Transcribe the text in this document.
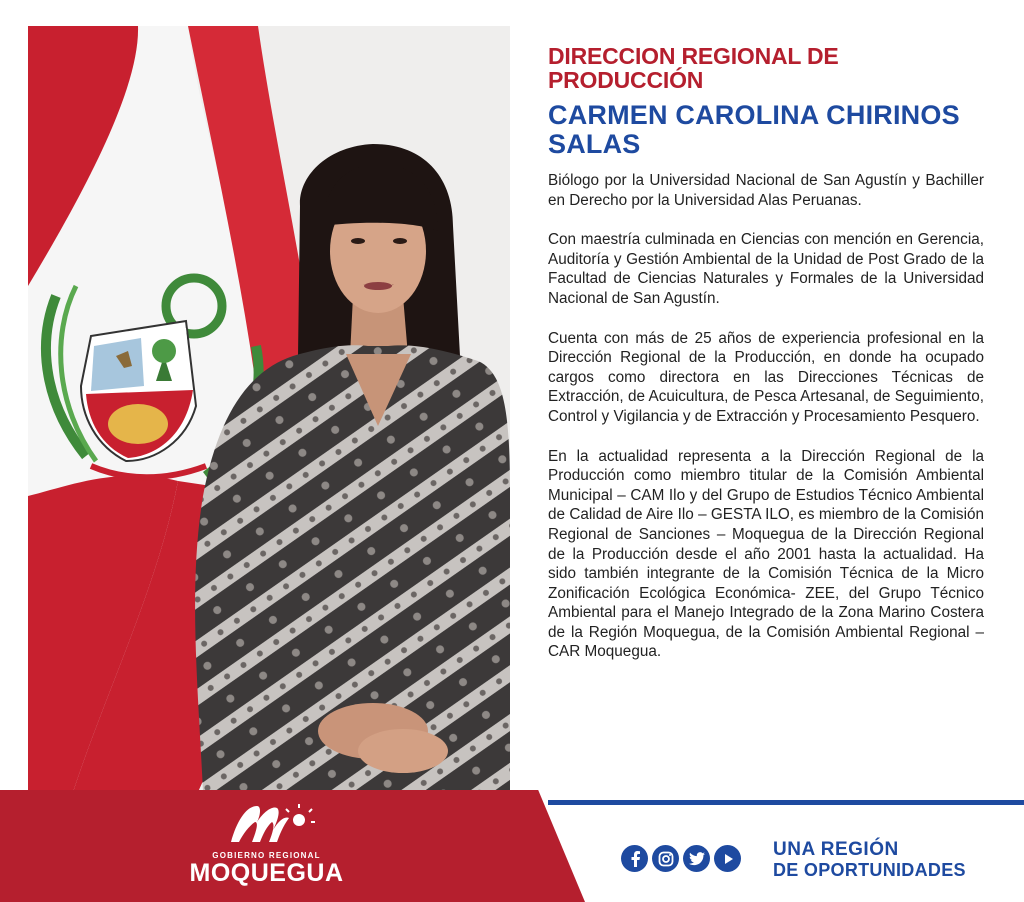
DIRECCION REGIONAL DE PRODUCCIÓN
CARMEN CAROLINA CHIRINOS SALAS

Biólogo por la Universidad Nacional de San Agustín y Bachiller en Derecho por la Universidad Alas Peruanas.

Con maestría culminada en Ciencias con mención en Gerencia, Auditoría y Gestión Ambiental de la Unidad de Post Grado de la Facultad de Ciencias Naturales y Formales de la Universidad Nacional de San Agustín.

Cuenta con más de 25 años de experiencia profesional en la Dirección Regional de la Producción, en donde ha ocupado cargos como directora en las Direcciones Técnicas de Extracción, de Acuicultura, de Pesca Artesanal, de Seguimiento, Control y Vigilancia y de Extracción y Procesamiento Pesquero.

En la actualidad representa a la Dirección Regional de la Producción como miembro titular de la Comisión Ambiental Municipal – CAM Ilo y del Grupo de Estudios Técnico Ambiental de Calidad de Aire Ilo – GESTA ILO, es miembro de la Comisión Regional de Sanciones – Moquegua de la Dirección Regional de la Producción desde el año 2001 hasta la actualidad. Ha sido también integrante de la Comisión Técnica de la Micro Zonificación Ecológica Económica- ZEE, del Grupo Técnico Ambiental para el Manejo Integrado de la Zona Marino Costera de la Región Moquegua, de la Comisión Ambiental Regional – CAR Moquegua.

GOBIERNO REGIONAL
MOQUEGUA
UNA REGIÓN
DE OPORTUNIDADES
